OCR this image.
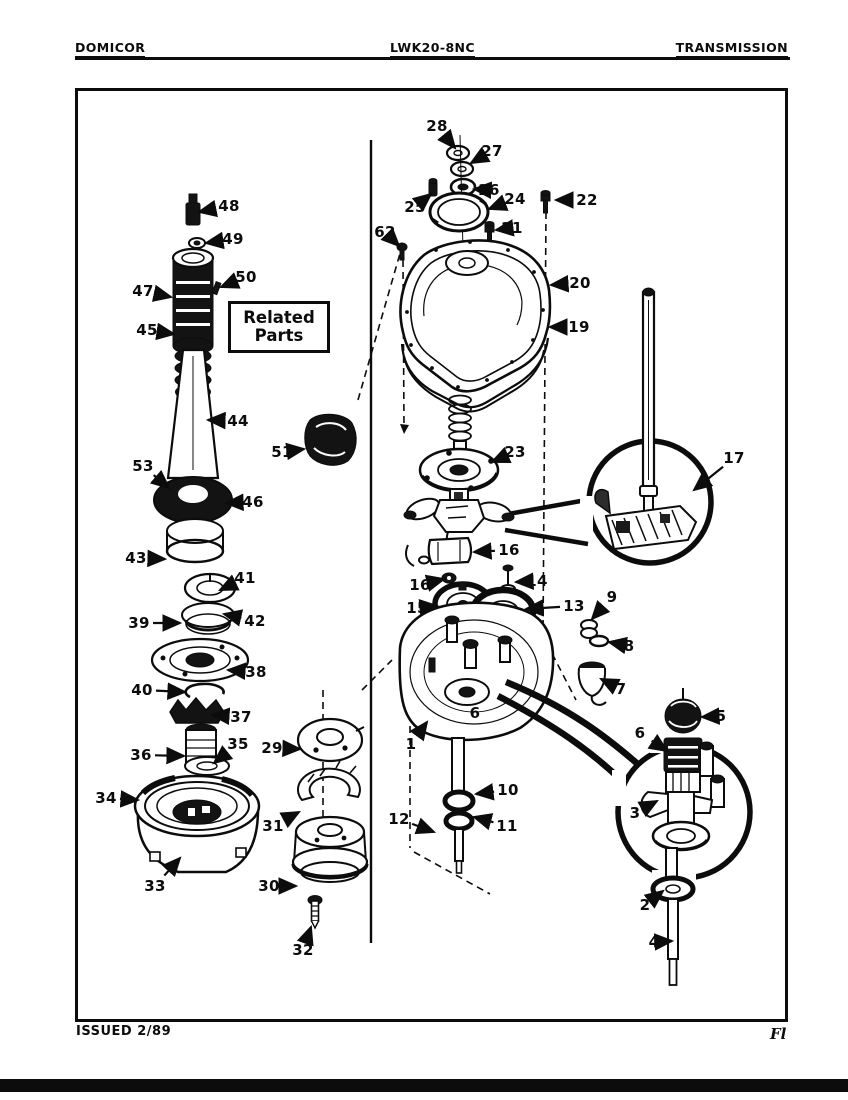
DOMICOR	LWK20-8NC	TRANSMISSION
Related
Parts
48
49
47
50
45
44
53
46
43
41
39	42
38
40
37
36
35
34
33
29
31
30
32
51
28
27
26
25	24	22
21
62
20
19
23
16
16
15
14
13 9
8
7
17
1
10
11
12
5
6
3
2
4
6
ISSUED 2/89	Fl
